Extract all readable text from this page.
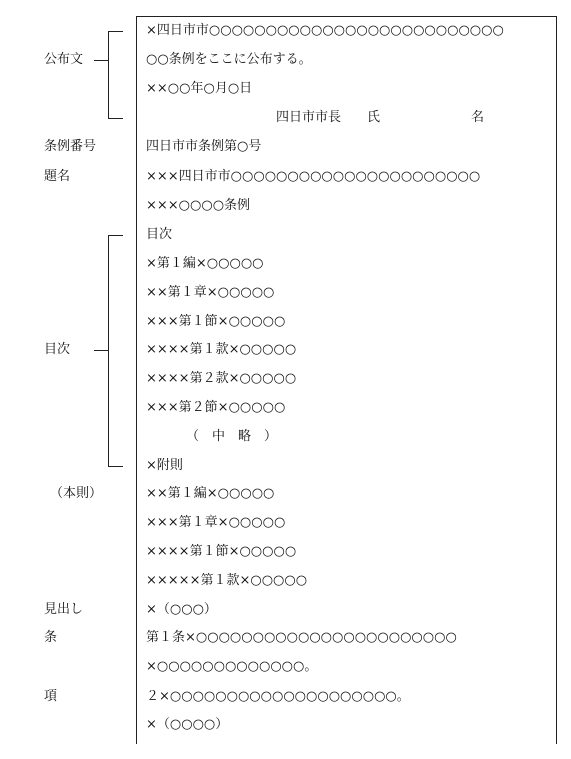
公布文
条例番号
題名
目次
（本則）
見出し
条
項
×四日市市○○○○○○○○○○○○○○○○○○○○○○○○○○
○○条例をここに公布する。
××○○年○月○日
四日市市長　　氏　　　　　　　名
四日市市条例第○号
×××四日市市○○○○○○○○○○○○○○○○○○○○○○
×××○○○○条例
目次
×第１編×○○○○○
××第１章×○○○○○
×××第１節×○○○○○
××××第１款×○○○○○
××××第２款×○○○○○
×××第２節×○○○○○
（　中　略　）
×附則
××第１編×○○○○○
×××第１章×○○○○○
××××第１節×○○○○○
×××××第１款×○○○○○
×（○○○）
第１条×○○○○○○○○○○○○○○○○○○○○○○○
×○○○○○○○○○○○○○。
２×○○○○○○○○○○○○○○○○○○○○。
×（○○○○）
